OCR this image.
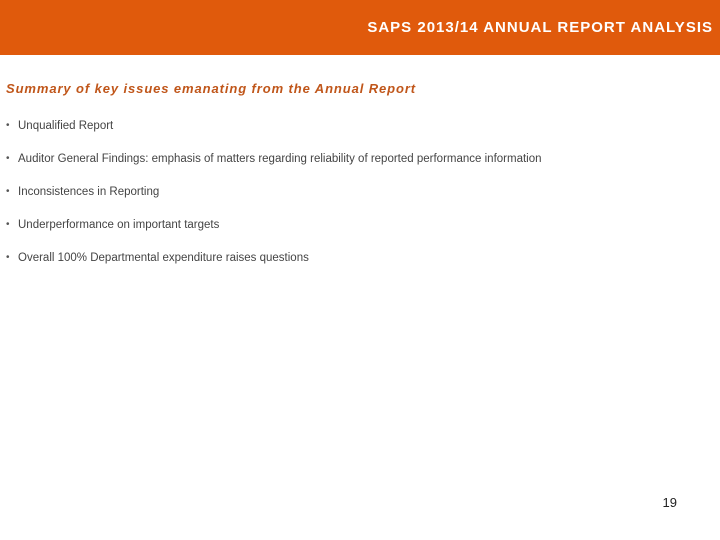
SAPS 2013/14 ANNUAL REPORT ANALYSIS
Summary of key issues emanating from the Annual Report
• Unqualified Report
• Auditor General Findings: emphasis of matters regarding reliability of reported performance information
• Inconsistences in Reporting
• Underperformance on important targets
• Overall 100% Departmental expenditure raises questions
19
